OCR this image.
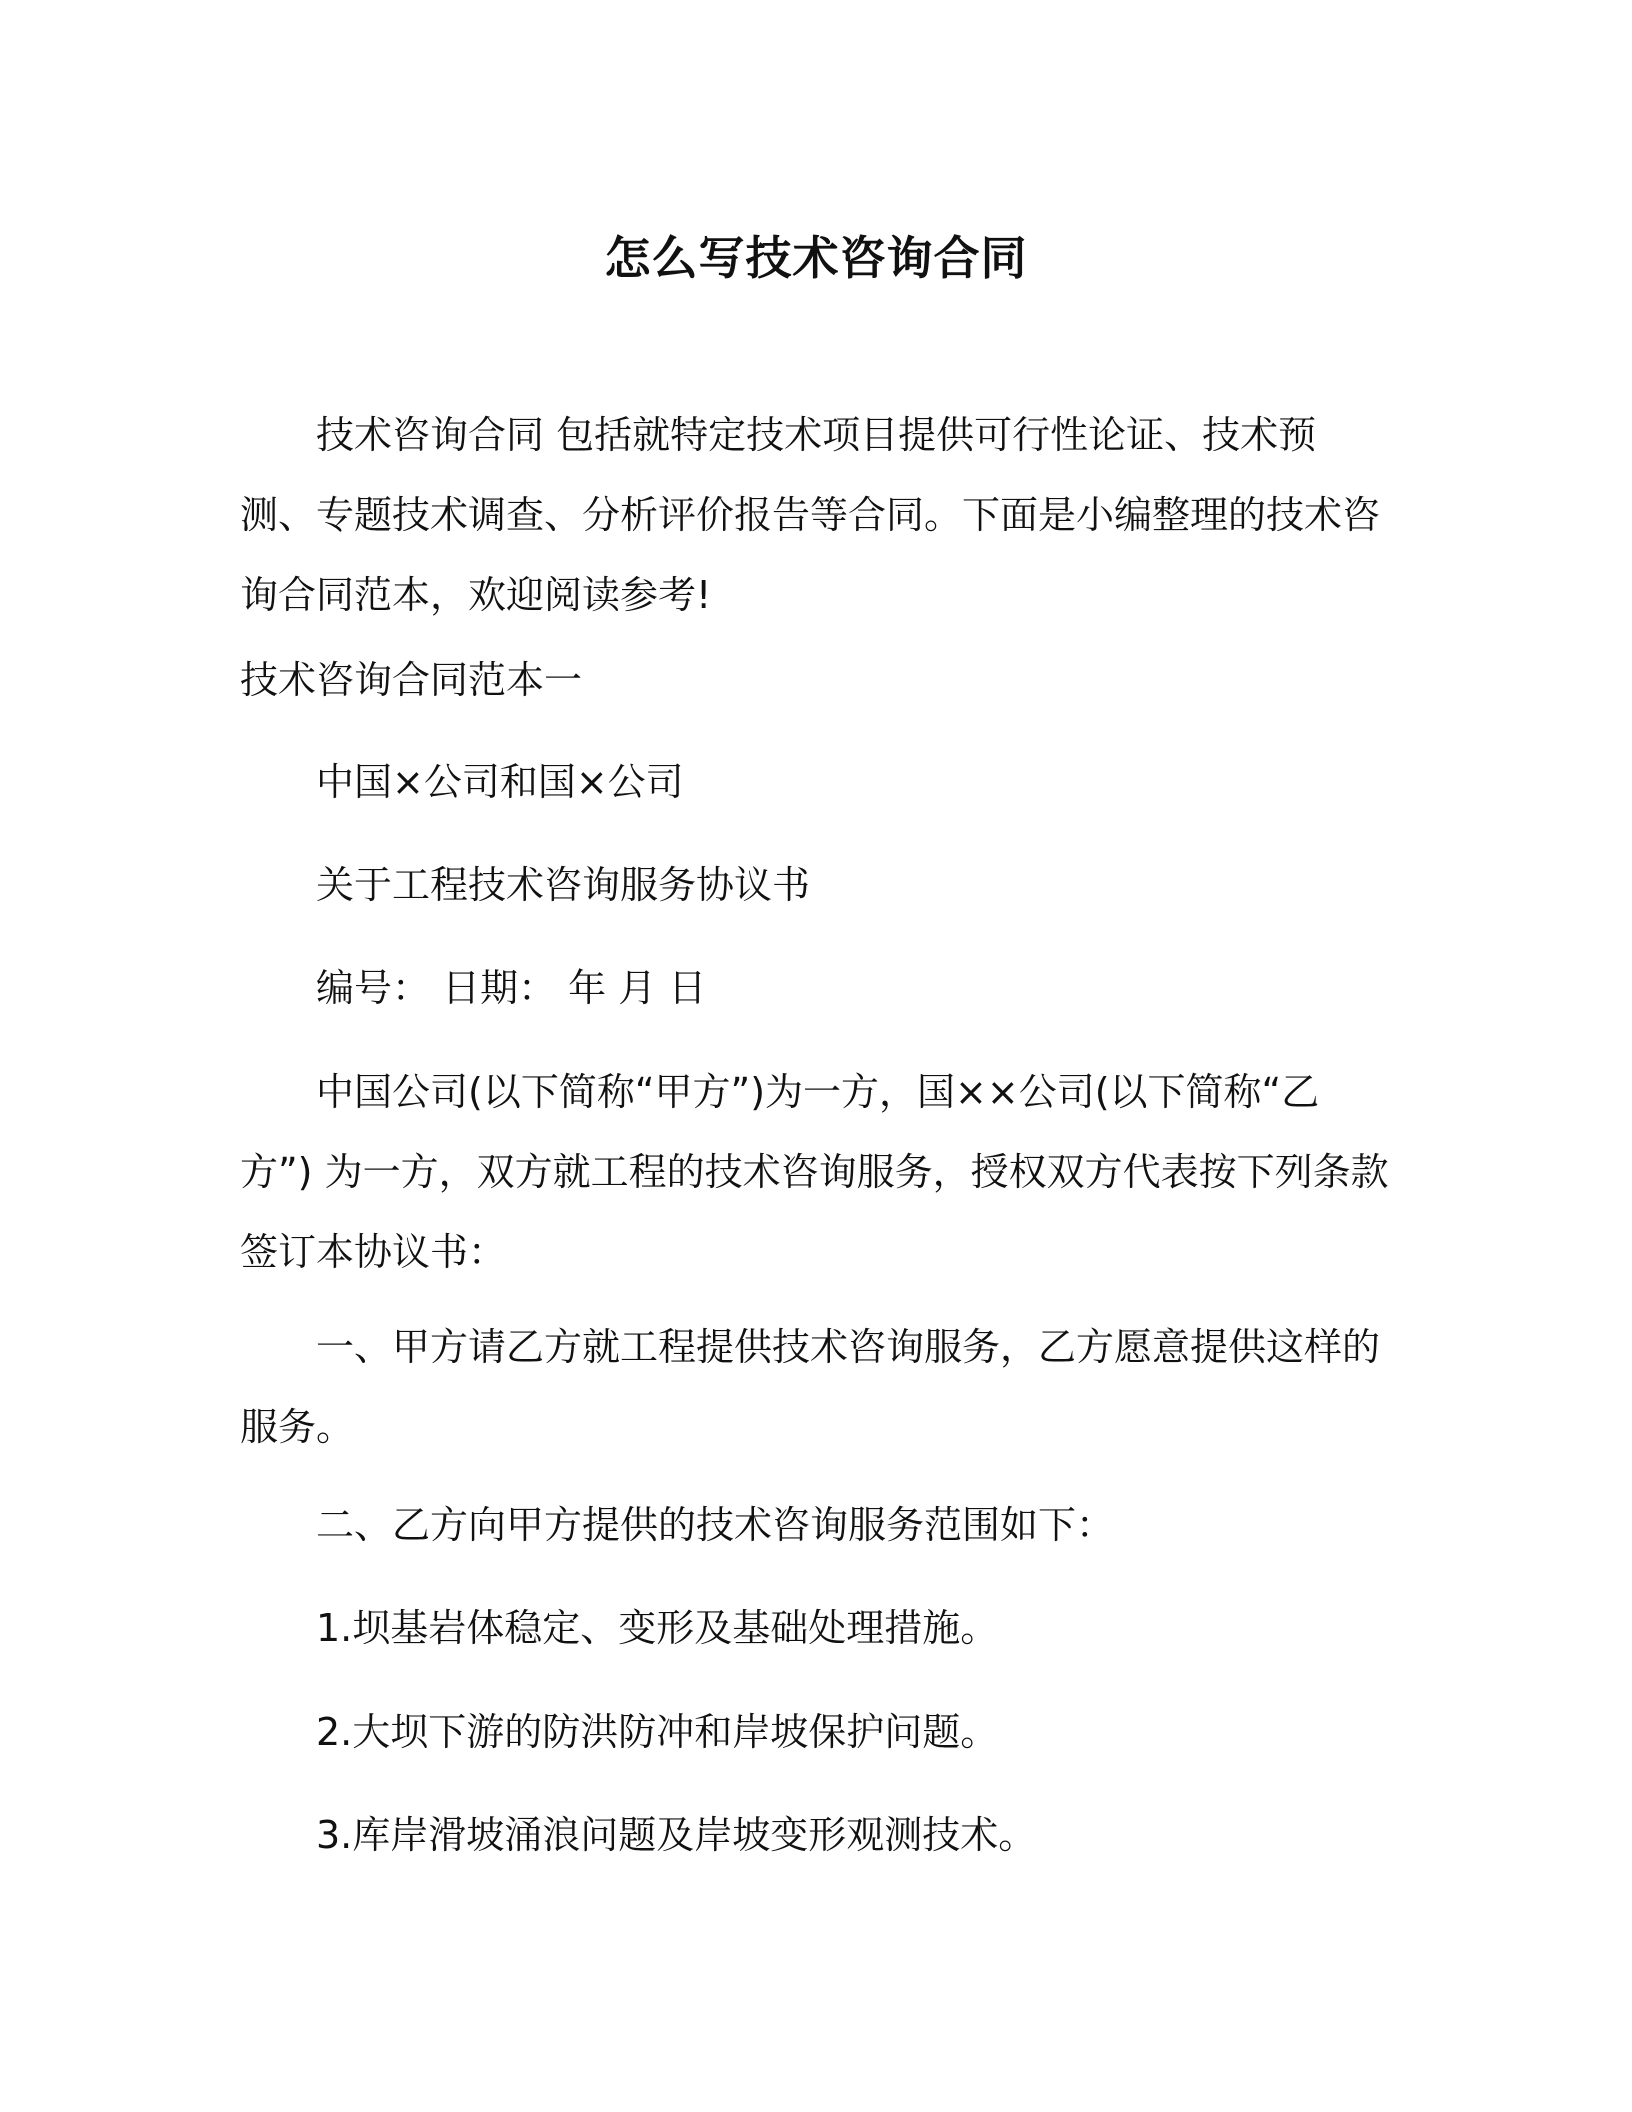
怎么写技术咨询合同

技术咨询合同 包括就特定技术项目提供可行性论证、技术预测、专题技术调查、分析评价报告等合同。下面是小编整理的技术咨询合同范本，欢迎阅读参考!

技术咨询合同范本一

中国×公司和国×公司

关于工程技术咨询服务协议书

编号： 日期： 年 月 日

中国公司(以下简称“甲方”)为一方，国××公司(以下简称“乙方”) 为一方，双方就工程的技术咨询服务，授权双方代表按下列条款签订本协议书：

一、甲方请乙方就工程提供技术咨询服务，乙方愿意提供这样的服务。

二、乙方向甲方提供的技术咨询服务范围如下：

1.坝基岩体稳定、变形及基础处理措施。

2.大坝下游的防洪防冲和岸坡保护问题。

3.库岸滑坡涌浪问题及岸坡变形观测技术。
